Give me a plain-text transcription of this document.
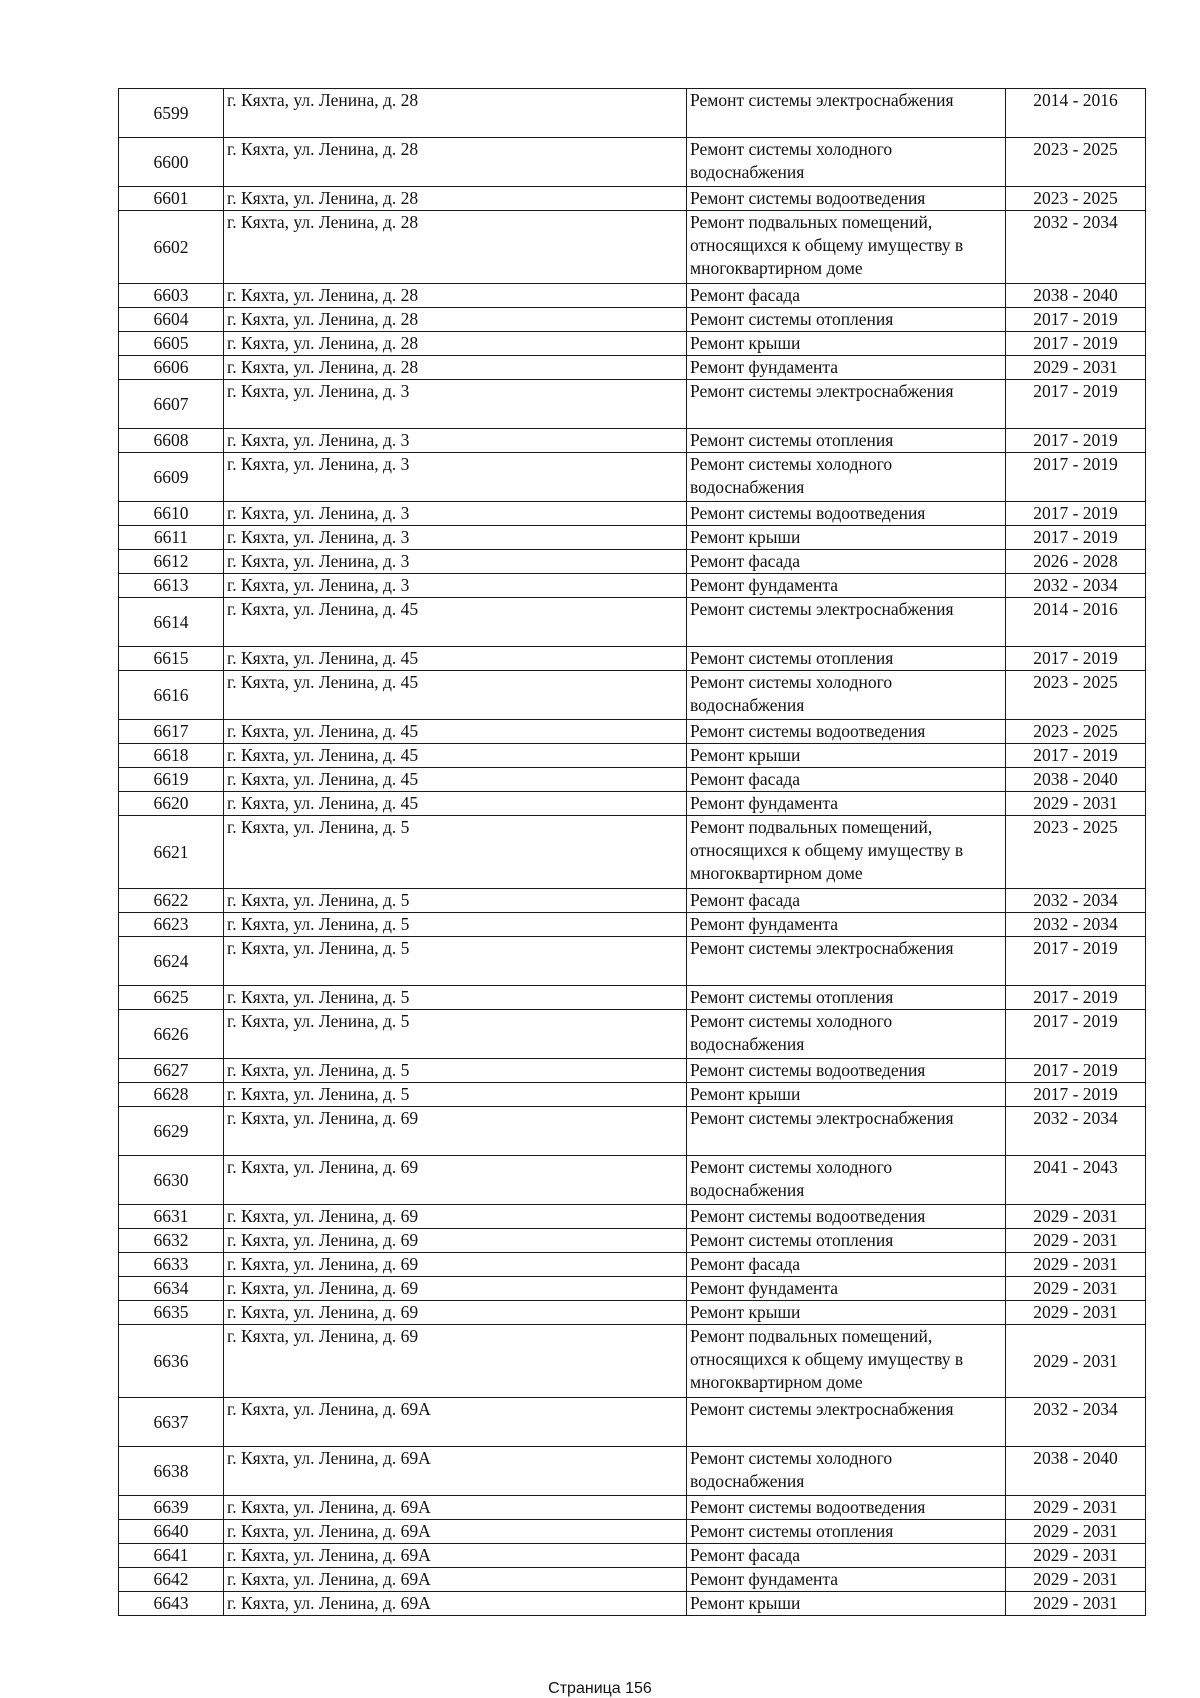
6599	г. Кяхта, ул. Ленина, д. 28	Ремонт системы электроснабжения	2014 - 2016
6600	г. Кяхта, ул. Ленина, д. 28	Ремонт системы холодного водоснабжения	2023 - 2025
6601	г. Кяхта, ул. Ленина, д. 28	Ремонт системы водоотведения	2023 - 2025
6602	г. Кяхта, ул. Ленина, д. 28	Ремонт подвальных помещений, относящихся к общему имуществу в многоквартирном доме	2032 - 2034
6603	г. Кяхта, ул. Ленина, д. 28	Ремонт фасада	2038 - 2040
6604	г. Кяхта, ул. Ленина, д. 28	Ремонт системы отопления	2017 - 2019
6605	г. Кяхта, ул. Ленина, д. 28	Ремонт крыши	2017 - 2019
6606	г. Кяхта, ул. Ленина, д. 28	Ремонт фундамента	2029 - 2031
6607	г. Кяхта, ул. Ленина, д. 3	Ремонт системы электроснабжения	2017 - 2019
6608	г. Кяхта, ул. Ленина, д. 3	Ремонт системы отопления	2017 - 2019
6609	г. Кяхта, ул. Ленина, д. 3	Ремонт системы холодного водоснабжения	2017 - 2019
6610	г. Кяхта, ул. Ленина, д. 3	Ремонт системы водоотведения	2017 - 2019
6611	г. Кяхта, ул. Ленина, д. 3	Ремонт крыши	2017 - 2019
6612	г. Кяхта, ул. Ленина, д. 3	Ремонт фасада	2026 - 2028
6613	г. Кяхта, ул. Ленина, д. 3	Ремонт фундамента	2032 - 2034
6614	г. Кяхта, ул. Ленина, д. 45	Ремонт системы электроснабжения	2014 - 2016
6615	г. Кяхта, ул. Ленина, д. 45	Ремонт системы отопления	2017 - 2019
6616	г. Кяхта, ул. Ленина, д. 45	Ремонт системы холодного водоснабжения	2023 - 2025
6617	г. Кяхта, ул. Ленина, д. 45	Ремонт системы водоотведения	2023 - 2025
6618	г. Кяхта, ул. Ленина, д. 45	Ремонт крыши	2017 - 2019
6619	г. Кяхта, ул. Ленина, д. 45	Ремонт фасада	2038 - 2040
6620	г. Кяхта, ул. Ленина, д. 45	Ремонт фундамента	2029 - 2031
6621	г. Кяхта, ул. Ленина, д. 5	Ремонт подвальных помещений, относящихся к общему имуществу в многоквартирном доме	2023 - 2025
6622	г. Кяхта, ул. Ленина, д. 5	Ремонт фасада	2032 - 2034
6623	г. Кяхта, ул. Ленина, д. 5	Ремонт фундамента	2032 - 2034
6624	г. Кяхта, ул. Ленина, д. 5	Ремонт системы электроснабжения	2017 - 2019
6625	г. Кяхта, ул. Ленина, д. 5	Ремонт системы отопления	2017 - 2019
6626	г. Кяхта, ул. Ленина, д. 5	Ремонт системы холодного водоснабжения	2017 - 2019
6627	г. Кяхта, ул. Ленина, д. 5	Ремонт системы водоотведения	2017 - 2019
6628	г. Кяхта, ул. Ленина, д. 5	Ремонт крыши	2017 - 2019
6629	г. Кяхта, ул. Ленина, д. 69	Ремонт системы электроснабжения	2032 - 2034
6630	г. Кяхта, ул. Ленина, д. 69	Ремонт системы холодного водоснабжения	2041 - 2043
6631	г. Кяхта, ул. Ленина, д. 69	Ремонт системы водоотведения	2029 - 2031
6632	г. Кяхта, ул. Ленина, д. 69	Ремонт системы отопления	2029 - 2031
6633	г. Кяхта, ул. Ленина, д. 69	Ремонт фасада	2029 - 2031
6634	г. Кяхта, ул. Ленина, д. 69	Ремонт фундамента	2029 - 2031
6635	г. Кяхта, ул. Ленина, д. 69	Ремонт крыши	2029 - 2031
6636	г. Кяхта, ул. Ленина, д. 69	Ремонт подвальных помещений, относящихся к общему имуществу в многоквартирном доме	2029 - 2031
6637	г. Кяхта, ул. Ленина, д. 69А	Ремонт системы электроснабжения	2032 - 2034
6638	г. Кяхта, ул. Ленина, д. 69А	Ремонт системы холодного водоснабжения	2038 - 2040
6639	г. Кяхта, ул. Ленина, д. 69А	Ремонт системы водоотведения	2029 - 2031
6640	г. Кяхта, ул. Ленина, д. 69А	Ремонт системы отопления	2029 - 2031
6641	г. Кяхта, ул. Ленина, д. 69А	Ремонт фасада	2029 - 2031
6642	г. Кяхта, ул. Ленина, д. 69А	Ремонт фундамента	2029 - 2031
6643	г. Кяхта, ул. Ленина, д. 69А	Ремонт крыши	2029 - 2031
Страница 156
